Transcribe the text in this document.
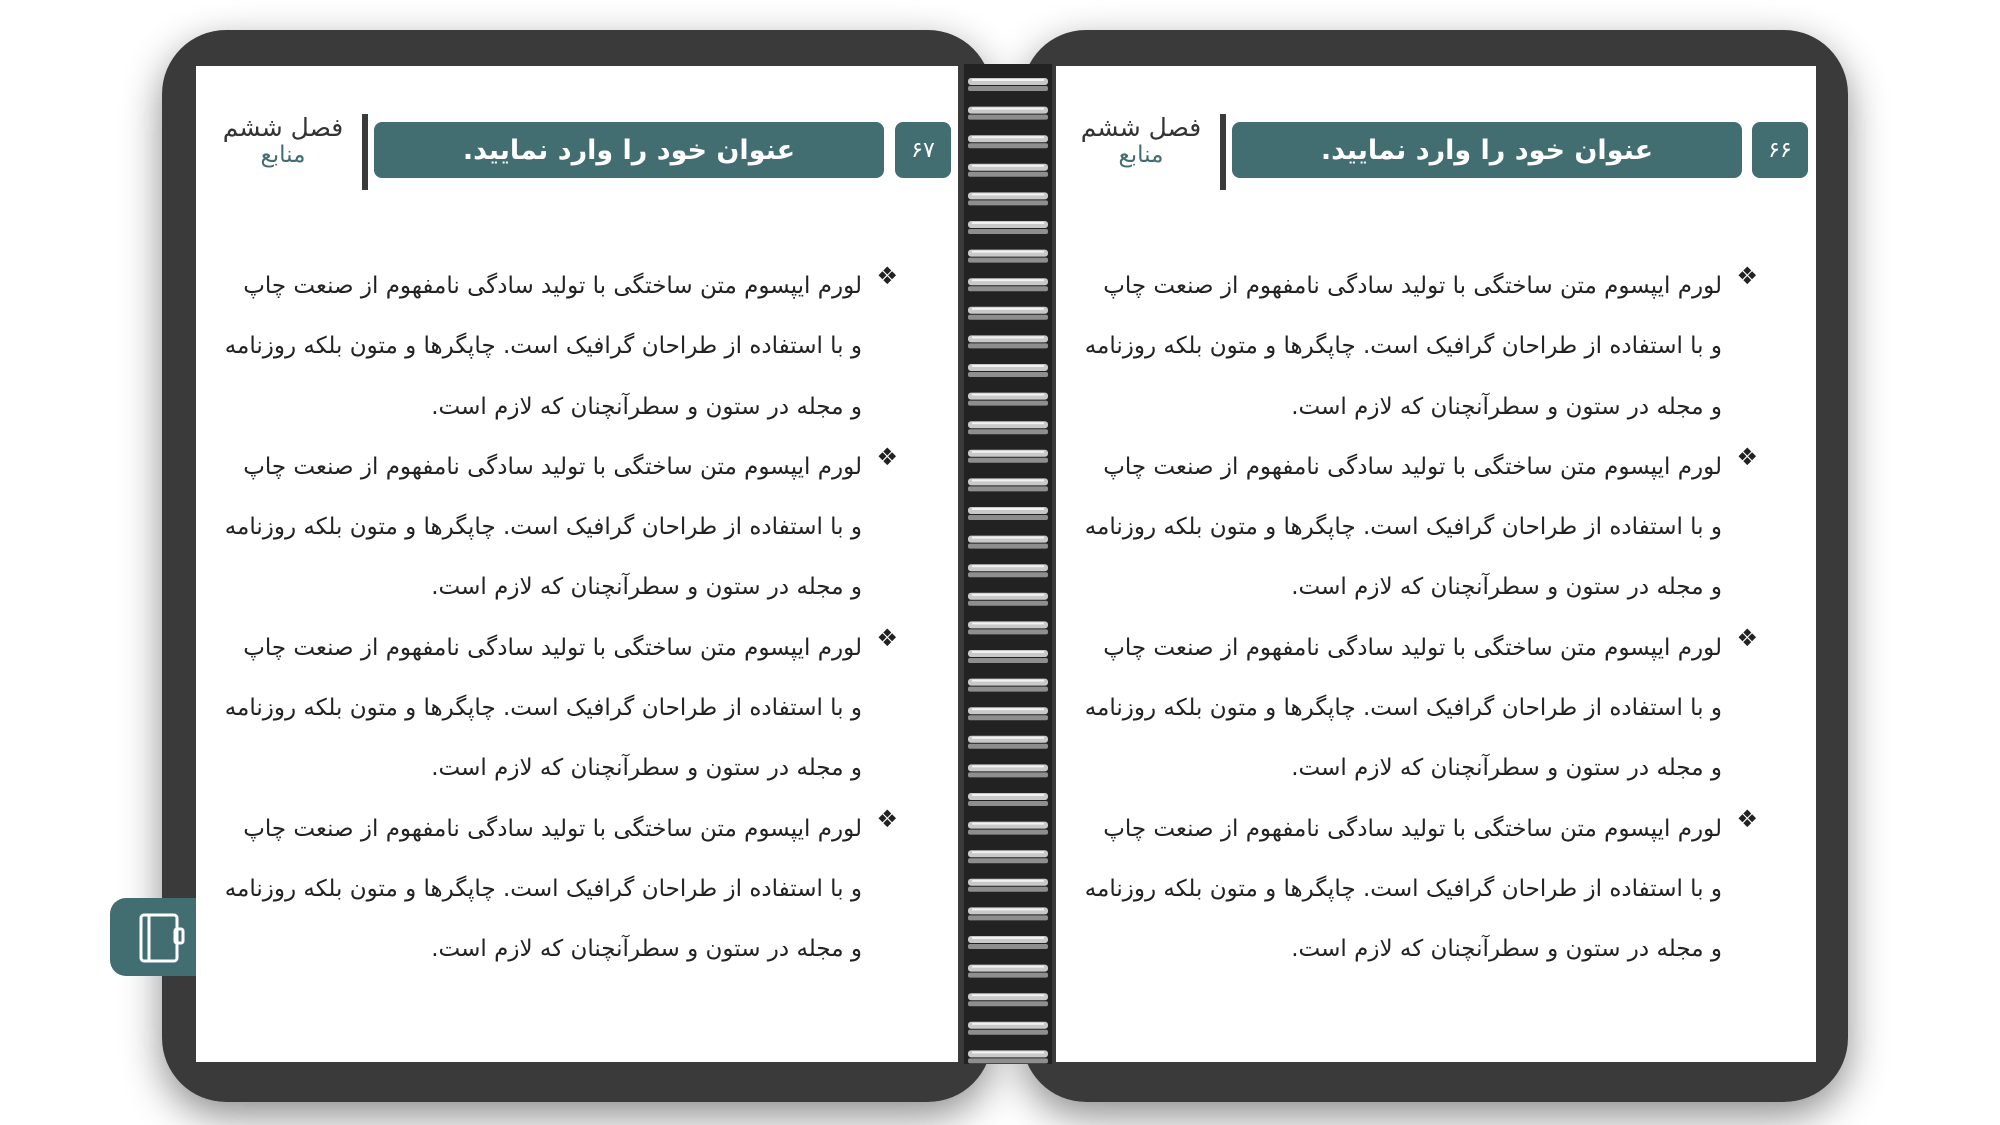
فصل ششم
منابع	عنوان خود را وارد نمایید.	۶۷
❖
لورم ایپسوم متن ساختگی با تولید سادگی نامفهوم از صنعت چاپ
و با استفاده از طراحان گرافیک است. چاپگرها و متون بلکه روزنامه
و مجله در ستون و سطرآنچنان که لازم است.
❖
لورم ایپسوم متن ساختگی با تولید سادگی نامفهوم از صنعت چاپ
و با استفاده از طراحان گرافیک است. چاپگرها و متون بلکه روزنامه
و مجله در ستون و سطرآنچنان که لازم است.
❖
لورم ایپسوم متن ساختگی با تولید سادگی نامفهوم از صنعت چاپ
و با استفاده از طراحان گرافیک است. چاپگرها و متون بلکه روزنامه
و مجله در ستون و سطرآنچنان که لازم است.
❖
لورم ایپسوم متن ساختگی با تولید سادگی نامفهوم از صنعت چاپ
و با استفاده از طراحان گرافیک است. چاپگرها و متون بلکه روزنامه
و مجله در ستون و سطرآنچنان که لازم است.
فصل ششم
منابع	عنوان خود را وارد نمایید.	۶۶
❖
لورم ایپسوم متن ساختگی با تولید سادگی نامفهوم از صنعت چاپ
و با استفاده از طراحان گرافیک است. چاپگرها و متون بلکه روزنامه
و مجله در ستون و سطرآنچنان که لازم است.
❖
لورم ایپسوم متن ساختگی با تولید سادگی نامفهوم از صنعت چاپ
و با استفاده از طراحان گرافیک است. چاپگرها و متون بلکه روزنامه
و مجله در ستون و سطرآنچنان که لازم است.
❖
لورم ایپسوم متن ساختگی با تولید سادگی نامفهوم از صنعت چاپ
و با استفاده از طراحان گرافیک است. چاپگرها و متون بلکه روزنامه
و مجله در ستون و سطرآنچنان که لازم است.
❖
لورم ایپسوم متن ساختگی با تولید سادگی نامفهوم از صنعت چاپ
و با استفاده از طراحان گرافیک است. چاپگرها و متون بلکه روزنامه
و مجله در ستون و سطرآنچنان که لازم است.
